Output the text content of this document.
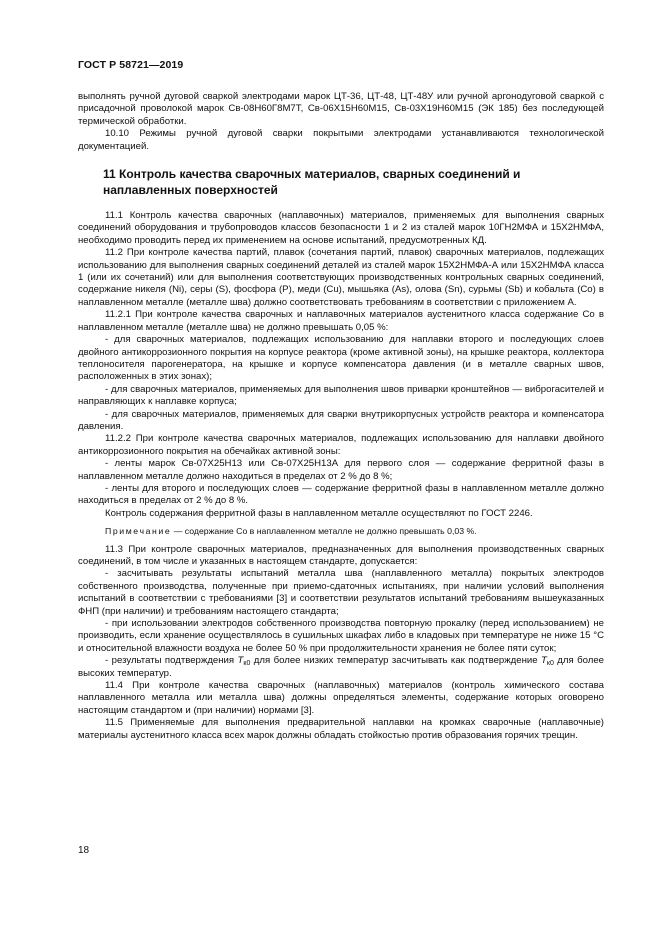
ГОСТ Р 58721—2019

выполнять ручной дуговой сваркой электродами марок ЦТ-36, ЦТ-48, ЦТ-48У или ручной аргонодуговой сваркой с присадочной проволокой марок Св-08Н60Г8М7Т, Св-06Х15Н60М15, Св-03Х19Н60М15 (ЭК 185) без последующей термической обработки.

10.10 Режимы ручной дуговой сварки покрытыми электродами устанавливаются технологической документацией.

11 Контроль качества сварочных материалов, сварных соединений и наплавленных поверхностей

11.1 Контроль качества сварочных (наплавочных) материалов, применяемых для выполнения сварных соединений оборудования и трубопроводов классов безопасности 1 и 2 из сталей марок 10ГН2МФА и 15Х2НМФА, необходимо проводить перед их применением на основе испытаний, предусмотренных КД.

11.2 При контроле качества партий, плавок (сочетания партий, плавок) сварочных материалов, подлежащих использованию для выполнения сварных соединений деталей из сталей марок 15Х2НМФА-А или 15Х2НМФА класса 1 (или их сочетаний) или для выполнения соответствующих производственных контрольных сварных соединений, содержание никеля (Ni), серы (S), фосфора (P), меди (Cu), мышьяка (As), олова (Sn), сурьмы (Sb) и кобальта (Co) в наплавленном металле (металле шва) должно соответствовать требованиям в соответствии с приложением А.

11.2.1 При контроле качества сварочных и наплавочных материалов аустенитного класса содержание Co в наплавленном металле (металле шва) не должно превышать 0,05 %:

- для сварочных материалов, подлежащих использованию для наплавки второго и последующих слоев двойного антикоррозионного покрытия на корпусе реактора (кроме активной зоны), на крышке реактора, коллектора теплоносителя парогенератора, на крышке и корпусе компенсатора давления (и в металле сварных швов, расположенных в этих зонах);

- для сварочных материалов, применяемых для выполнения швов приварки кронштейнов — виброгасителей и направляющих к наплавке корпуса;

- для сварочных материалов, применяемых для сварки внутрикорпусных устройств реактора и компенсатора давления.

11.2.2 При контроле качества сварочных материалов, подлежащих использованию для наплавки двойного антикоррозионного покрытия на обечайках активной зоны:

- ленты марок Св-07Х25Н13 или Св-07Х25Н13А для первого слоя — содержание ферритной фазы в наплавленном металле должно находиться в пределах от 2 % до 8 %;

- ленты для второго и последующих слоев — содержание ферритной фазы в наплавленном металле должно находиться в пределах от 2 % до 8 %.

Контроль содержания ферритной фазы в наплавленном металле осуществляют по ГОСТ 2246.

Примечание — содержание Co в наплавленном металле не должно превышать 0,03 %.

11.3 При контроле сварочных материалов, предназначенных для выполнения производственных сварных соединений, в том числе и указанных в настоящем стандарте, допускается:

- засчитывать результаты испытаний металла шва (наплавленного металла) покрытых электродов собственного производства, полученные при приемо-сдаточных испытаниях, при наличии условий выполнения испытаний в соответствии с требованиями [3] и соответствии результатов испытаний требованиям вышеуказанных ФНП (при наличии) и требованиям настоящего стандарта;

- при использовании электродов собственного производства повторную прокалку (перед использованием) не производить, если хранение осуществлялось в сушильных шкафах либо в кладовых при температуре не ниже 15 °С и относительной влажности воздуха не более 50 % при продолжительности хранения не более пяти суток;

- результаты подтверждения $T_{к0}$ для более низких температур засчитывать как подтверждение $T_{к0}$ для более высоких температур.

11.4 При контроле качества сварочных (наплавочных) материалов (контроль химического состава наплавленного металла или металла шва) должны определяться элементы, содержание которых оговорено настоящим стандартом и (при наличии) нормами [3].

11.5 Применяемые для выполнения предварительной наплавки на кромках сварочные (наплавочные) материалы аустенитного класса всех марок должны обладать стойкостью против образования горячих трещин.

18
